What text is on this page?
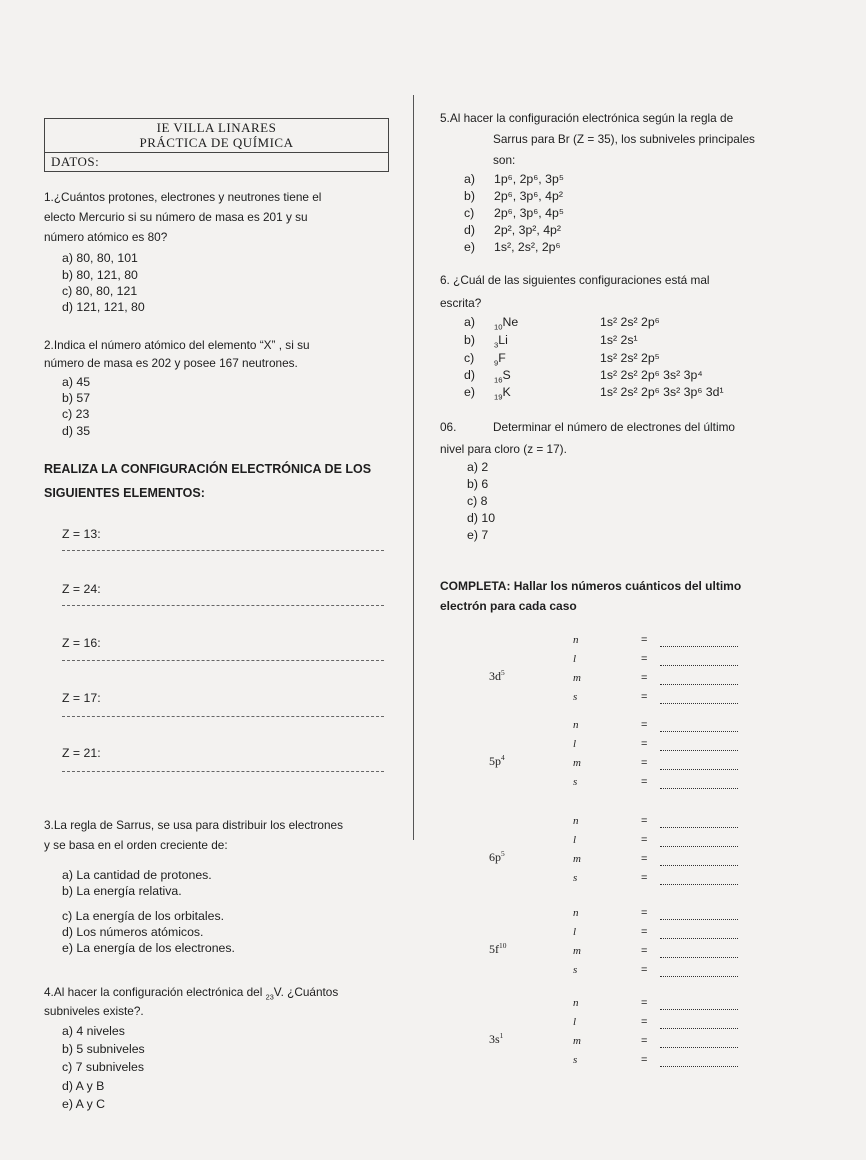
IE VILLA LINARES
PRÁCTICA DE QUÍMICA
DATOS:
1.¿Cuántos protones, electrones y neutrones tiene el
electo Mercurio si su número de masa es 201 y su
número atómico es 80?
a) 80, 80, 101
b) 80, 121, 80
c) 80, 80, 121
d) 121, 121, 80
2.Indica el número atómico del elemento “X” , si su
número de masa es 202 y posee 167 neutrones.
a) 45
b) 57
c) 23
d) 35
REALIZA LA CONFIGURACIÓN ELECTRÓNICA DE LOS
SIGUIENTES ELEMENTOS:
Z = 13:
Z = 24:
Z = 16:
Z = 17:
Z = 21:
3.La regla de Sarrus, se usa para distribuir los electrones
y se basa en el orden creciente de:
a) La cantidad de protones.
b) La energía relativa.
c) La energía de los orbitales.
d) Los números atómicos.
e) La energía de los electrones.
4.Al hacer la configuración electrónica del $_{23}$V. ¿Cuántos
subniveles existe?.
a) 4 niveles
b) 5 subniveles
c) 7 subniveles
d) A y B
e) A y C
5.Al hacer la configuración electrónica según la regla de
Sarrus para Br (Z = 35), los subniveles principales
son:
a) 1p⁶, 2p⁶, 3p⁵
b) 2p⁶, 3p⁶, 4p²
c) 2p⁶, 3p⁶, 4p⁵
d) 2p², 3p², 4p²
e) 1s², 2s², 2p⁶
6. ¿Cuál de las siguientes configuraciones está mal
escrita?
a) $_{10}$Ne	1s² 2s² 2p⁶
b) $_3$Li	1s² 2s¹
c)	$_9$F	1s² 2s² 2p⁵
d) $_{16}$S	1s² 2s² 2p⁶ 3s² 3p⁴
e) $_{19}$K	1s² 2s² 2p⁶ 3s² 3p⁶ 3d¹
06.	Determinar el número de electrones del último
nivel para cloro (z = 17).
a) 2
b) 6
c) 8
d) 10
e) 7
COMPLETA: Hallar los números cuánticos del ultimo
electrón para cada caso
n	=
l	=
m	=
s	=
$3d^5$
n	=
l	=
m	=
s	=
$5p^4$
n	=
l	=
m	=
s	=
$6p^5$
n	=
l	=
m	=
s	=
$5f^{10}$
n	=
l	=
m	=
s	=
$3s^1$
